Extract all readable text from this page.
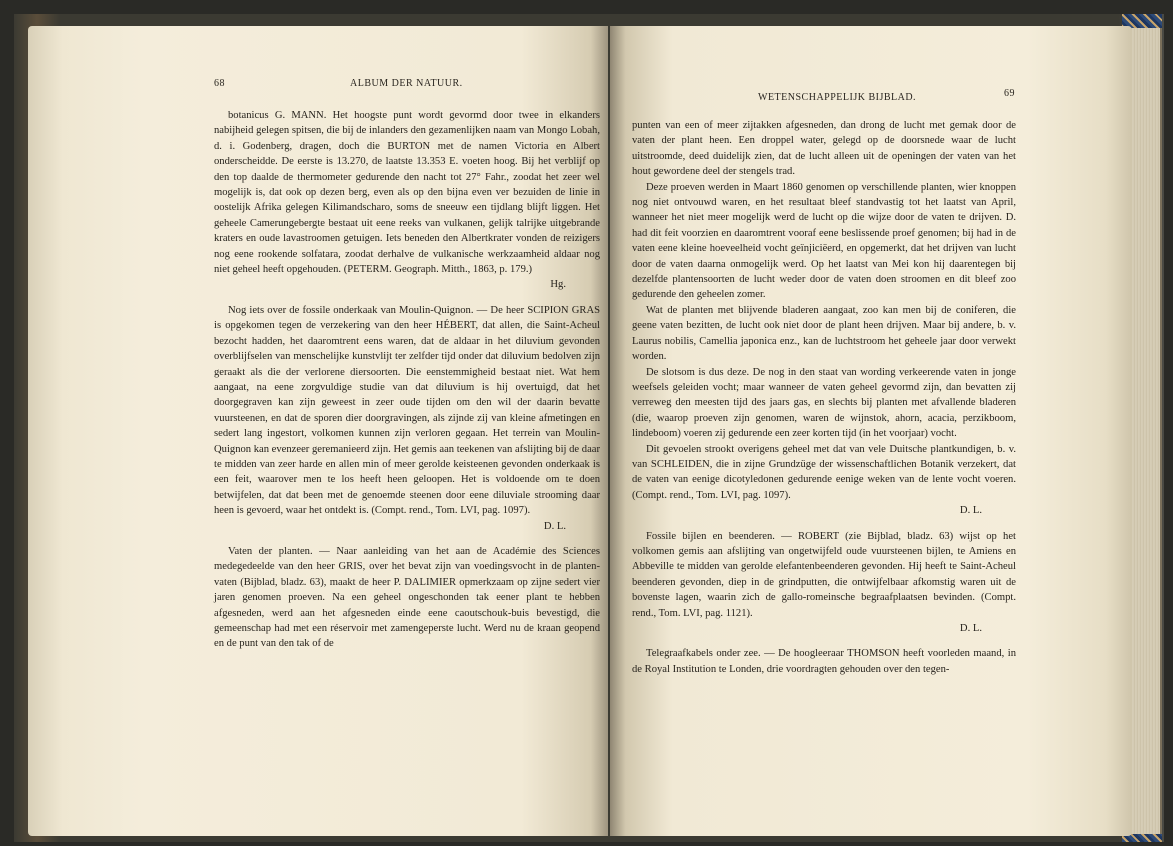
68	ALBUM DER NATUUR.

botanicus G. MANN. Het hoogste punt wordt gevormd door twee in elkanders nabijheid gelegen spitsen, die bij de inlanders den gezamenlijken naam van Mongo Lobah, d. i. Godenberg, dragen, doch die BURTON met de namen Victoria en Albert onderscheidde. De eerste is 13.270, de laatste 13.353 E. voeten hoog. Bij het verblijf op den top daalde de thermometer gedurende den nacht tot 27° Fahr., zoodat het zeer wel mogelijk is, dat ook op dezen berg, even als op den bijna even ver bezuiden de linie in oostelijk Afrika gelegen Kilimandscharo, soms de sneeuw een tijdlang blijft liggen. Het geheele Camerungebergte bestaat uit eene reeks van vulkanen, gelijk talrijke uitgebrande kraters en oude lavastroomen getuigen. Iets beneden den Albertkrater vonden de reizigers nog eene rookende solfatara, zoodat derhalve de vulkanische werkzaamheid aldaar nog niet geheel heeft opgehouden. (PETERM. Geograph. Mitth., 1863, p. 179.)

Hg.

Nog iets over de fossile onderkaak van Moulin-Quignon. — De heer SCIPION GRAS is opgekomen tegen de verzekering van den heer HÉBERT, dat allen, die Saint-Acheul bezocht hadden, het daaromtrent eens waren, dat de aldaar in het diluvium gevonden overblijfselen van menschelijke kunstvlijt ter zelfder tijd onder dat diluvium bedolven zijn geraakt als die der verlorene diersoorten. Die eenstemmigheid bestaat niet. Wat hem aangaat, na eene zorgvuldige studie van dat diluvium is hij overtuigd, dat het doorgegraven kan zijn geweest in zeer oude tijden om den wil der daarin bevatte vuursteenen, en dat de sporen dier doorgravingen, als zijnde zij van kleine afmetingen en sedert lang ingestort, volkomen kunnen zijn verloren gegaan. Het terrein van Moulin-Quignon kan evenzeer geremanieerd zijn. Het gemis aan teekenen van afslijting bij de daar te midden van zeer harde en allen min of meer gerolde keisteenen gevonden onderkaak is een feit, waarover men te los heeft heen geloopen. Het is voldoende om te doen betwijfelen, dat dat been met de genoemde steenen door eene diluviale strooming daar heen is gevoerd, waar het ontdekt is. (Compt. rend., Tom. LVI, pag. 1097).

D. L.

Vaten der planten. — Naar aanleiding van het aan de Académie des Sciences medegedeelde van den heer GRIS, over het bevat zijn van voedingsvocht in de planten-vaten (Bijblad, bladz. 63), maakt de heer P. DALIMIER opmerkzaam op zijne sedert vier jaren genomen proeven. Na een geheel ongeschonden tak eener plant te hebben afgesneden, werd aan het afgesneden einde eene caoutschouk-buis bevestigd, die gemeenschap had met een réservoir met zamengeperste lucht. Werd nu de kraan geopend en de punt van den tak of de

WETENSCHAPPELIJK BIJBLAD.	69

punten van een of meer zijtakken afgesneden, dan drong de lucht met gemak door de vaten der plant heen. Een droppel water, gelegd op de doorsnede waar de lucht uitstroomde, deed duidelijk zien, dat de lucht alleen uit de openingen der vaten van het hout gewordene deel der stengels trad.

Deze proeven werden in Maart 1860 genomen op verschillende planten, wier knoppen nog niet ontvouwd waren, en het resultaat bleef standvastig tot het laatst van April, wanneer het niet meer mogelijk werd de lucht op die wijze door de vaten te drijven. D. had dit feit voorzien en daaromtrent vooraf eene beslissende proef genomen; bij had in de vaten eene kleine hoeveelheid vocht geïnjiciëerd, en opgemerkt, dat het drijven van lucht door de vaten daarna onmogelijk werd. Op het laatst van Mei kon hij daarentegen bij dezelfde plantensoorten de lucht weder door de vaten doen stroomen en dit bleef zoo gedurende den geheelen zomer.

Wat de planten met blijvende bladeren aangaat, zoo kan men bij de coniferen, die geene vaten bezitten, de lucht ook niet door de plant heen drijven. Maar bij andere, b. v. Laurus nobilis, Camellia japonica enz., kan de luchtstroom het geheele jaar door verwekt worden.

De slotsom is dus deze. De nog in den staat van wording verkeerende vaten in jonge weefsels geleiden vocht; maar wanneer de vaten geheel gevormd zijn, dan bevatten zij verreweg den meesten tijd des jaars gas, en slechts bij planten met afvallende bladeren (die, waarop proeven zijn genomen, waren de wijnstok, ahorn, acacia, perzikboom, lindeboom) voeren zij gedurende een zeer korten tijd (in het voorjaar) vocht.

Dit gevoelen strookt overigens geheel met dat van vele Duitsche plantkundigen, b. v. van SCHLEIDEN, die in zijne Grundzüge der wissenschaftlichen Botanik verzekert, dat de vaten van eenige dicotyledonen gedurende eenige weken van de lente vocht voeren. (Compt. rend., Tom. LVI, pag. 1097).

D. L.

Fossile bijlen en beenderen. — ROBERT (zie Bijblad, bladz. 63) wijst op het volkomen gemis aan afslijting van ongetwijfeld oude vuursteenen bijlen, te Amiens en Abbeville te midden van gerolde elefantenbeenderen gevonden. Hij heeft te Saint-Acheul beenderen gevonden, diep in de grindputten, die ontwijfelbaar afkomstig waren uit de bovenste lagen, waarin zich de gallo-romeinsche begraafplaatsen bevinden. (Compt. rend., Tom. LVI, pag. 1121).

D. L.

Telegraafkabels onder zee. — De hoogleeraar THOMSON heeft voorleden maand, in de Royal Institution te Londen, drie voordragten gehouden over den tegen-
